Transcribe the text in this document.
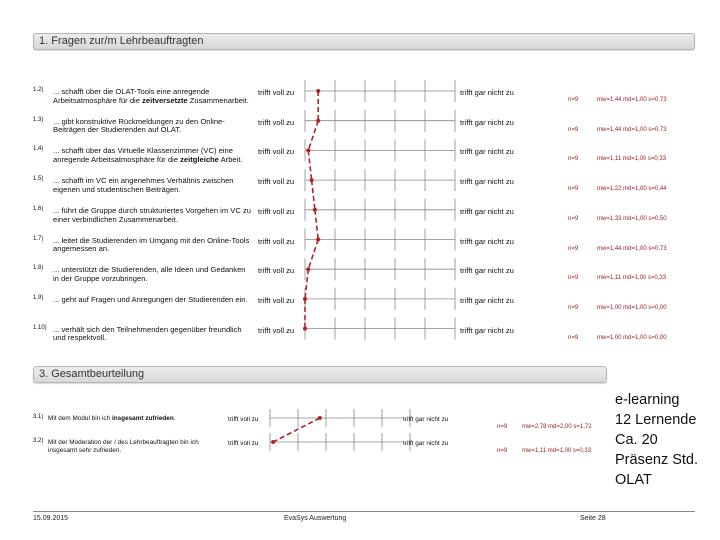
1. Fragen zur/m Lehrbeauftragten
1.2) ... schafft über die OLAT-Tools eine anregende Arbeitsatmosphäre für die zeitversetzte Zusammenarbeit.
trifft voll zu	trifft gar nicht zu
n=9	mw=1,44 md=1,00 s=0,73
1.3) ... gibt konstruktive Rückmeldungen zu den Online-Beiträgen der Studierenden auf OLAT.
trifft voll zu	trifft gar nicht zu
n=9	mw=1,44 md=1,00 s=0,73
1.4) ... schafft über das Virtuelle Klassenzimmer (VC) eine anregende Arbeitsatmosphäre für die zeitgleiche Arbeit.
trifft voll zu	trifft gar nicht zu
n=9	mw=1,11 md=1,00 s=0,33
1.5) ... schafft im VC ein angenehmes Verhältnis zwischen eigenen und studentischen Beiträgen.
trifft voll zu	trifft gar nicht zu
n=9	mw=1,22 md=1,00 s=0,44
1.6) ... führt die Gruppe durch strukturiertes Vorgehen im VC zu einer verbindlichen Zusammenarbeit.
trifft voll zu	trifft gar nicht zu
n=9	mw=1,33 md=1,00 s=0,50
1.7) ... leitet die Studierenden im Umgang mit den Online-Tools angemessen an.
trifft voll zu	trifft gar nicht zu
n=9	mw=1,44 md=1,00 s=0,73
1.8) ... unterstützt die Studierenden, alle Ideen und Gedanken in der Gruppe vorzubringen.
trifft voll zu	trifft gar nicht zu
n=9	mw=1,11 md=1,00 s=0,33
1.9) ... geht auf Fragen und Anregungen der Studierenden ein.	trifft voll zu	trifft gar nicht zu
n=9	mw=1,00 md=1,00 s=0,00
1.10) ... verhält sich den Teilnehmenden gegenüber freundlich und respektvoll.
trifft voll zu	trifft gar nicht zu
n=9	mw=1,00 md=1,00 s=0,00
3. Gesamtbeurteilung
3.1) Mit dem Modul bin ich insgesamt zufrieden.	trifft voll zu	trifft gar nicht zu
n=9 mw=2,78 md=2,00 s=1,72
3.2) Mit der Moderation der / des Lehrbeauftragten bin ich insgesamt sehr zufrieden.
trifft voll zu	trifft gar nicht zu
n=9 mw=1,11 md=1,00 s=0,33
e-learning
12 Lernende
Ca. 20
Präsenz Std.
OLAT
15.09.2015	EvaSys Auswertung	Seite 28
